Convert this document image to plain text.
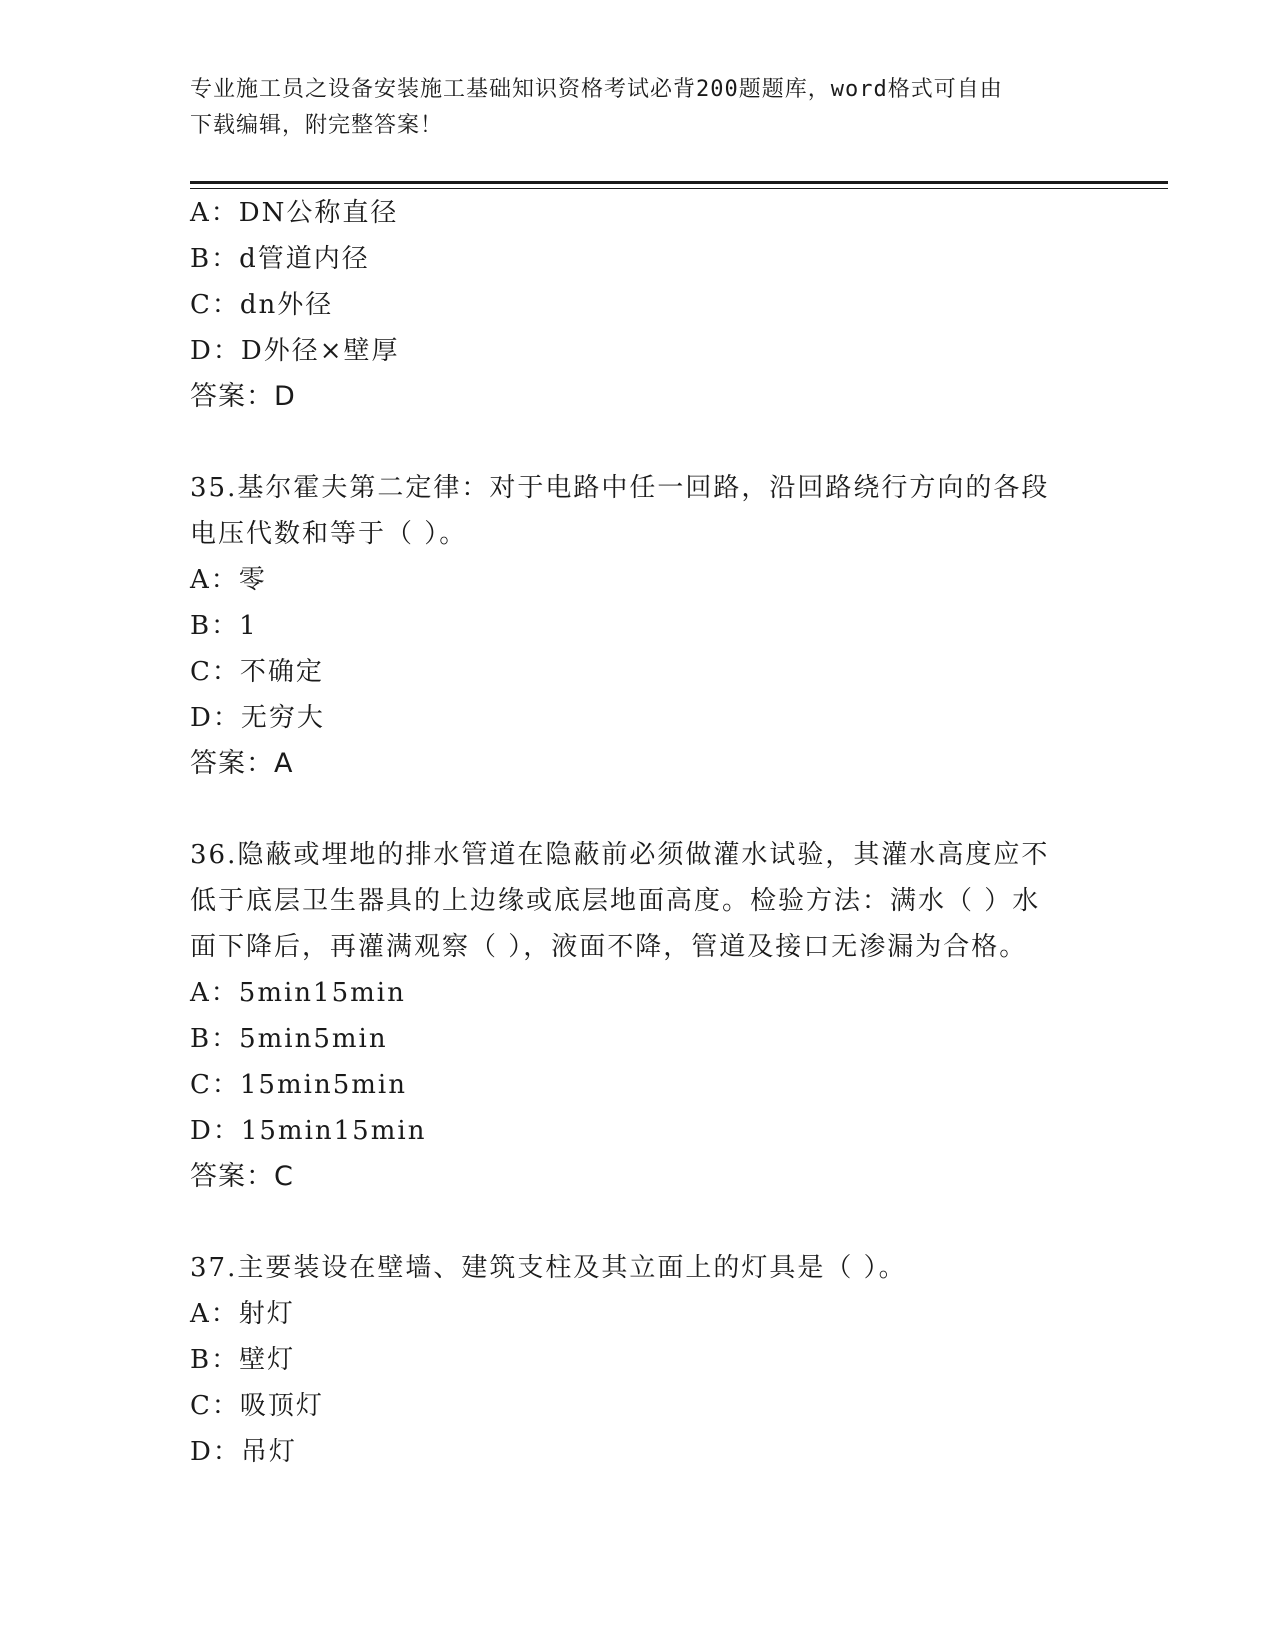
专业施工员之设备安装施工基础知识资格考试必背200题题库，word格式可自由
下载编辑，附完整答案！
A：DN公称直径
B：d管道内径
C：dn外径
D：D外径×壁厚
答案：D
35.基尔霍夫第二定律：对于电路中任一回路，沿回路绕行方向的各段
电压代数和等于（ ）。
A：零
B：1
C：不确定
D：无穷大
答案：A
36.隐蔽或埋地的排水管道在隐蔽前必须做灌水试验，其灌水高度应不
低于底层卫生器具的上边缘或底层地面高度。检验方法：满水（ ）水
面下降后，再灌满观察（ ），液面不降，管道及接口无渗漏为合格。
A：5min15min
B：5min5min
C：15min5min
D：15min15min
答案：C
37.主要装设在壁墙、建筑支柱及其立面上的灯具是（ ）。
A：射灯
B：壁灯
C：吸顶灯
D：吊灯
